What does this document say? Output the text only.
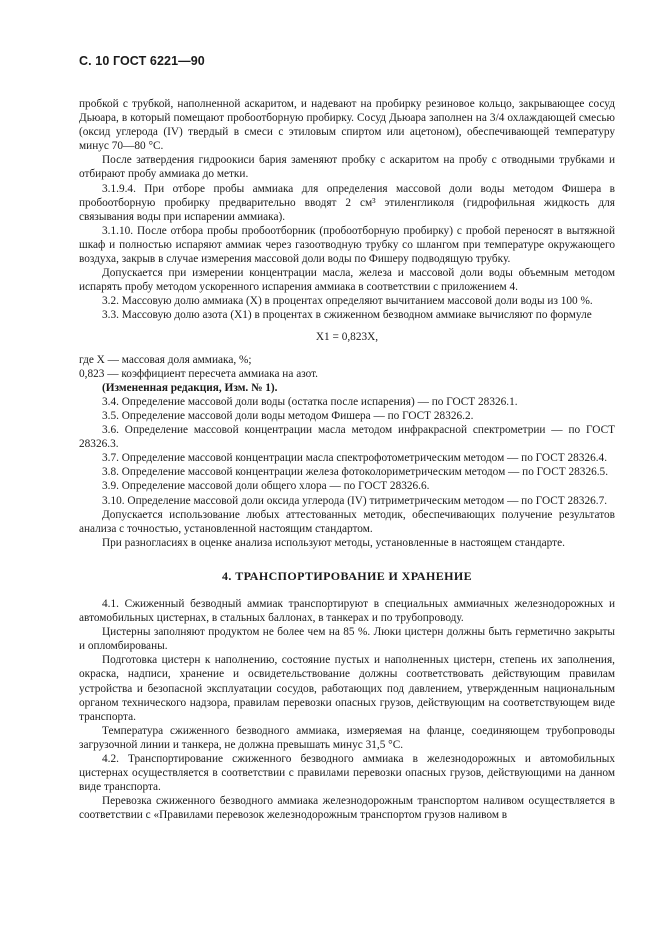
С. 10 ГОСТ 6221—90

пробкой с трубкой, наполненной аскаритом, и надевают на пробирку резиновое кольцо, закрывающее сосуд Дьюара, в который помещают пробоотборную пробирку. Сосуд Дьюара заполнен на 3/4 охлаждающей смесью (оксид углерода (IV) твердый в смеси с этиловым спиртом или ацетоном), обеспечивающей температуру минус 70—80 °С.

После затвердения гидроокиси бария заменяют пробку с аскаритом на пробу с отводными трубками и отбирают пробу аммиака до метки.

3.1.9.4. При отборе пробы аммиака для определения массовой доли воды методом Фишера в пробоотборную пробирку предварительно вводят 2 см³ этиленгликоля (гидрофильная жидкость для связывания воды при испарении аммиака).

3.1.10. После отбора пробы пробоотборник (пробоотборную пробирку) с пробой переносят в вытяжной шкаф и полностью испаряют аммиак через газоотводную трубку со шлангом при температуре окружающего воздуха, закрыв в случае измерения массовой доли воды по Фишеру подводящую трубку.

Допускается при измерении концентрации масла, железа и массовой доли воды объемным методом испарять пробу методом ускоренного испарения аммиака в соответствии с приложением 4.

3.2. Массовую долю аммиака (X) в процентах определяют вычитанием массовой доли воды из 100 %.

3.3. Массовую долю азота (X1) в процентах в сжиженном безводном аммиаке вычисляют по формуле

X1 = 0,823X,

где X — массовая доля аммиака, %;

0,823 — коэффициент пересчета аммиака на азот.

(Измененная редакция, Изм. № 1).

3.4. Определение массовой доли воды (остатка после испарения) — по ГОСТ 28326.1.

3.5. Определение массовой доли воды методом Фишера — по ГОСТ 28326.2.

3.6. Определение массовой концентрации масла методом инфракрасной спектрометрии — по ГОСТ 28326.3.

3.7. Определение массовой концентрации масла спектрофотометрическим методом — по ГОСТ 28326.4.

3.8. Определение массовой концентрации железа фотоколориметрическим методом — по ГОСТ 28326.5.

3.9. Определение массовой доли общего хлора — по ГОСТ 28326.6.

3.10. Определение массовой доли оксида углерода (IV) титриметрическим методом — по ГОСТ 28326.7.

Допускается использование любых аттестованных методик, обеспечивающих получение результатов анализа с точностью, установленной настоящим стандартом.

При разногласиях в оценке анализа используют методы, установленные в настоящем стандарте.

4. ТРАНСПОРТИРОВАНИЕ И ХРАНЕНИЕ

4.1. Сжиженный безводный аммиак транспортируют в специальных аммиачных железнодорожных и автомобильных цистернах, в стальных баллонах, в танкерах и по трубопроводу.

Цистерны заполняют продуктом не более чем на 85 %. Люки цистерн должны быть герметично закрыты и опломбированы.

Подготовка цистерн к наполнению, состояние пустых и наполненных цистерн, степень их заполнения, окраска, надписи, хранение и освидетельствование должны соответствовать действующим правилам устройства и безопасной эксплуатации сосудов, работающих под давлением, утвержденным национальным органом технического надзора, правилам перевозки опасных грузов, действующим на соответствующем виде транспорта.

Температура сжиженного безводного аммиака, измеряемая на фланце, соединяющем трубопроводы загрузочной линии и танкера, не должна превышать минус 31,5 °С.

4.2. Транспортирование сжиженного безводного аммиака в железнодорожных и автомобильных цистернах осуществляется в соответствии с правилами перевозки опасных грузов, действующими на данном виде транспорта.

Перевозка сжиженного безводного аммиака железнодорожным транспортом наливом осуществляется в соответствии с «Правилами перевозок железнодорожным транспортом грузов наливом в
